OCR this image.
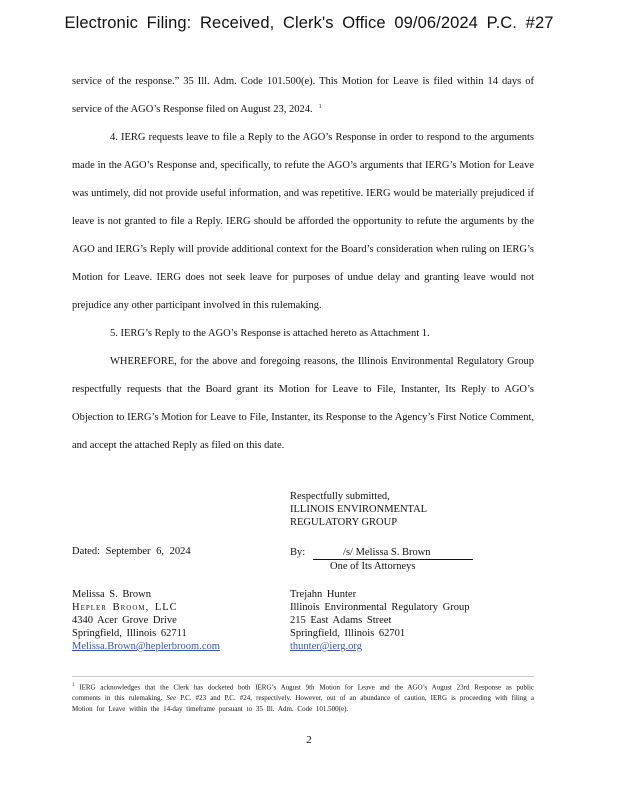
Electronic Filing: Received, Clerk's Office 09/06/2024 P.C. #27

service of the response.” 35 Ill. Adm. Code 101.500(e). This Motion for Leave is filed within 14 days of service of the AGO’s Response filed on August 23, 2024. $^1$

4. IERG requests leave to file a Reply to the AGO’s Response in order to respond to the arguments made in the AGO’s Response and, specifically, to refute the AGO’s arguments that IERG’s Motion for Leave was untimely, did not provide useful information, and was repetitive. IERG would be materially prejudiced if leave is not granted to file a Reply. IERG should be afforded the opportunity to refute the arguments by the AGO and IERG’s Reply will provide additional context for the Board’s consideration when ruling on IERG’s Motion for Leave. IERG does not seek leave for purposes of undue delay and granting leave would not prejudice any other participant involved in this rulemaking.

5. IERG’s Reply to the AGO’s Response is attached hereto as Attachment 1.

WHEREFORE, for the above and foregoing reasons, the Illinois Environmental Regulatory Group respectfully requests that the Board grant its Motion for Leave to File, Instanter, Its Reply to AGO’s Objection to IERG’s Motion for Leave to File, Instanter, its Response to the Agency’s First Notice Comment, and accept the attached Reply as filed on this date.

Respectfully submitted,
ILLINOIS ENVIRONMENTAL
REGULATORY GROUP
Dated: September 6, 2024	By:	/s/ Melissa S. Brown
One of Its Attorneys
Melissa S. Brown
Hepler Broom, LLC
4340 Acer Grove Drive
Springfield, Illinois 62711
Melissa.Brown@heplerbroom.com
Trejahn Hunter
Illinois Environmental Regulatory Group
215 East Adams Street
Springfield, Illinois 62701
thunter@ierg.org
$^1$ IERG acknowledges that the Clerk has docketed both IERG’s August 9th Motion for Leave and the AGO’s August 23rd Response as public comments in this rulemaking. See P.C. #23 and P.C. #24, respectively. However, out of an abundance of caution, IERG is proceeding with filing a Motion for Leave within the 14-day timeframe pursuant to 35 Ill. Adm. Code 101.500(e).
2
